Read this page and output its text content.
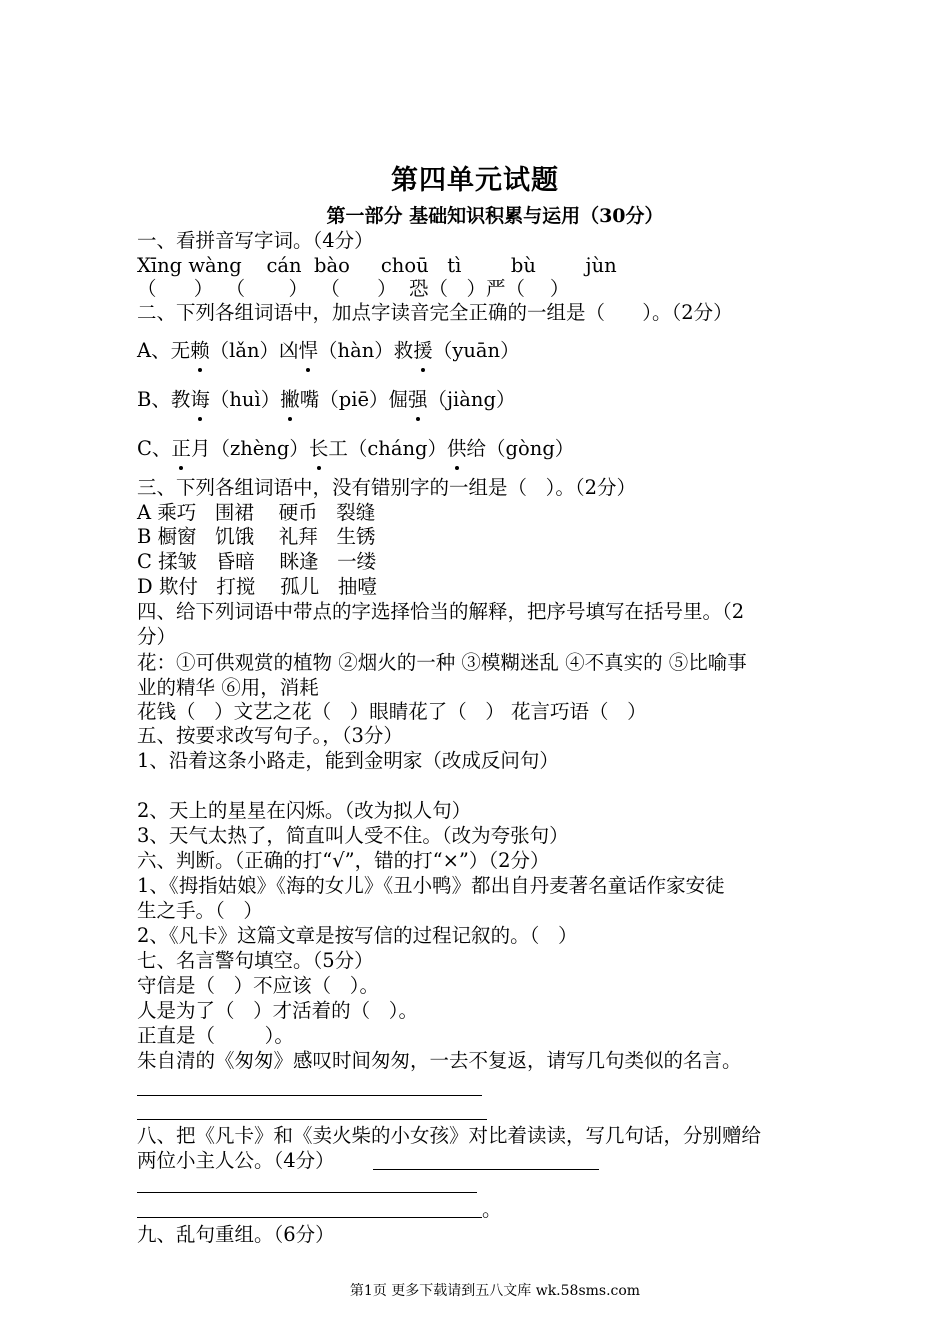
第四单元试题
第一部分 基础知识积累与运用（30分）
一、看拼音写字词。（4分）
Xīng wàng    cán  bào     choū   tì        bù        jùn
（      ）  （       ）  （      ）  恐（   ）严（    ）
二、下列各组词语中，加点字读音完全正确的一组是（      ）。（2分）
A、无赖（lǎn）凶悍（hàn）救援（yuān）
B、教诲（huì）撇嘴（piē）倔强（jiàng）
C、正月（zhèng）长工（cháng）供给（gòng）
三、下列各组词语中，没有错别字的一组是（   ）。（2分）
A 乘巧   围裙    硬币   裂缝
B 橱窗   饥饿    礼拜   生锈
C 揉皱   昏暗    眯逢   一缕
D 欺付   打搅    孤儿   抽噎
四、给下列词语中带点的字选择恰当的解释，把序号填写在括号里。（2
分）
花：①可供观赏的植物 ②烟火的一种 ③模糊迷乱 ④不真实的 ⑤比喻事
业的精华 ⑥用，消耗
花钱（   ）文艺之花（   ）眼睛花了（   ） 花言巧语（   ）
五、按要求改写句子。，（3分）
1、沿着这条小路走，能到金明家（改成反问句）
2、天上的星星在闪烁。（改为拟人句）
3、天气太热了，简直叫人受不住。（改为夸张句）
六、判断。（正确的打“√”，错的打“×”）（2分）
1、《拇指姑娘》《海的女儿》《丑小鸭》都出自丹麦著名童话作家安徒
生之手。（   ）
2、《凡卡》这篇文章是按写信的过程记叙的。（   ）
七、名言警句填空。（5分）
守信是（   ）不应该（   ）。
人是为了（   ）才活着的（   ）。
正直是（        ）。
朱自清的《匆匆》感叹时间匆匆，一去不复返，请写几句类似的名言。
八、把《凡卡》和《卖火柴的小女孩》对比着读读，写几句话，分别赠给
两位小主人公。（4分）
。
九、乱句重组。（6分）
第1页 更多下载请到五八文库 wk.58sms.com
